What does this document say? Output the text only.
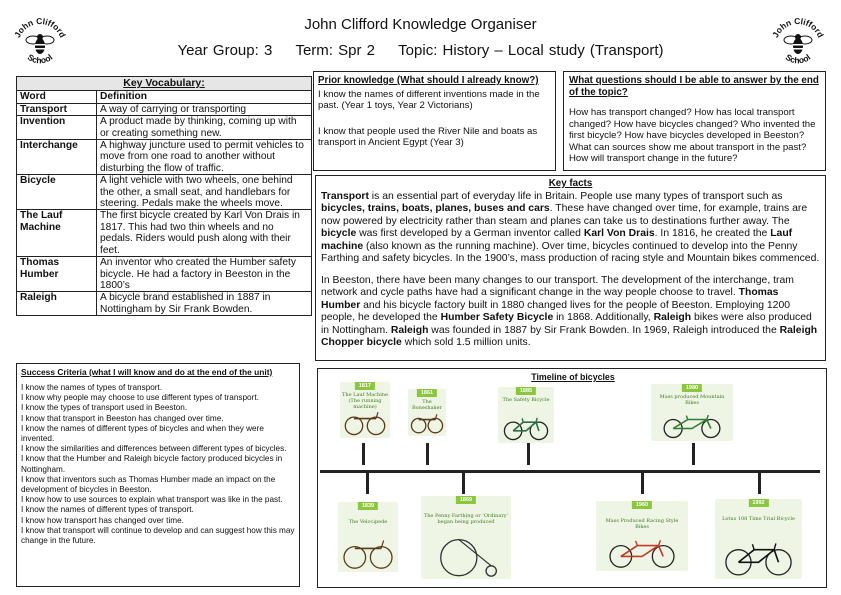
John Clifford Knowledge Organiser
Year Group: 3 Term: Spr 2 Topic: History – Local study (Transport)
John Clifford
School
John Clifford
School
Key Vocabulary:	
Word	Definition
Transport	A way of carrying or transporting
Invention	A product made by thinking, coming up with or creating something new.
Interchange	A highway juncture used to permit vehicles to move from one road to another without disturbing the flow of traffic.
Bicycle	A light vehicle with two wheels, one behind the other, a small seat, and handlebars for steering. Pedals make the wheels move.
The Lauf Machine	The first bicycle created by Karl Von Drais in 1817. This had two thin wheels and no pedals. Riders would push along with their feet.
Thomas Humber	An inventor who created the Humber safety bicycle. He had a factory in Beeston in the 1800’s
Raleigh	A bicycle brand established in 1887 in Nottingham by Sir Frank Bowden.
Prior knowledge (What should I already know?)

I know the names of different inventions made in the past. (Year 1 toys, Year 2 Victorians)

I know that people used the River Nile and boats as transport in Ancient Egypt (Year 3)

What questions should I be able to answer by the end of the topic?

How has transport changed? How has local transport changed? How have bicycles changed? Who invented the first bicycle? How have bicycles developed in Beeston? What can sources show me about transport in the past? How will transport change in the future?

Key facts

Transport is an essential part of everyday life in Britain. People use many types of transport such as bicycles, trains, boats, planes, buses and cars. These have changed over time, for example, trains are now powered by electricity rather than steam and planes can take us to destinations further away. The bicycle was first developed by a German inventor called Karl Von Drais. In 1816, he created the Lauf machine (also known as the running machine). Over time, bicycles continued to develop into the Penny Farthing and safety bicycles. In the 1900’s, mass production of racing style and Mountain bikes commenced.

In Beeston, there have been many changes to our transport. The development of the interchange, tram network and cycle paths have had a significant change in the way people choose to travel. Thomas Humber and his bicycle factory built in 1880 changed lives for the people of Beeston. Employing 1200 people, he developed the Humber Safety Bicycle in 1868. Additionally, Raleigh bikes were also produced in Nottingham. Raleigh was founded in 1887 by Sir Frank Bowden. In 1969, Raleigh introduced the Raleigh Chopper bicycle which sold 1.5 million units.

Success Criteria (what I will know and do at the end of the unit)
I know the names of types of transport.
I know why people may choose to use different types of transport.
I know the types of transport used in Beeston.
I know that transport in Beeston has changed over time.
I know the names of different types of bicycles and when they were invented.
I know the similarities and differences between different types of bicycles.
I know that the Humber and Raleigh bicycle factory produced bicycles in Nottingham.
I know that inventors such as Thomas Humber made an impact on the development of bicycles in Beeston.
I know how to use sources to explain what transport was like in the past.
I know the names of different types of transport.
I know how transport has changed over time.
I know that transport will continue to develop and can suggest how this may change in the future.
Timeline of bicycles
1817
The Lauf Machine (The running machine)
1861
The Boneshaker
1885
The Safety Bicycle
1980
Mass produced Mountain Bikes
1839
The Velocipede
1869
The Penny Farthing or ‘Ordinary’ began being produced
1960
Mass Produced Racing Style Bikes
1992
Lotus 108 Time Trial Bicycle
